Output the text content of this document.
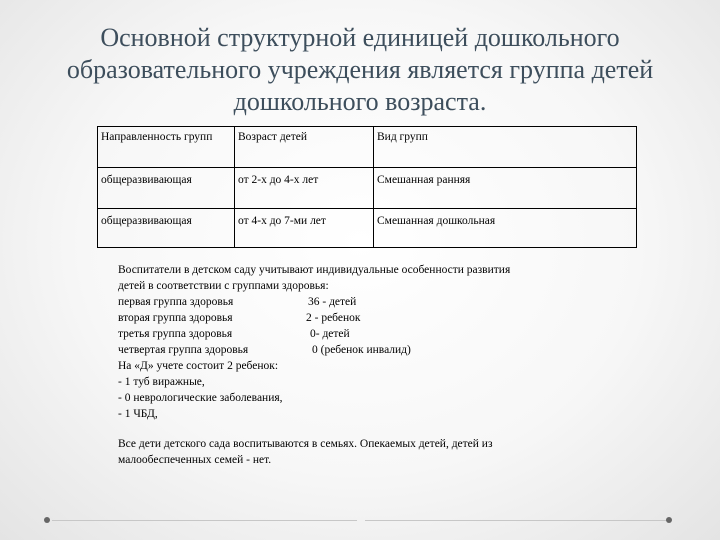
Основной структурной единицей дошкольного
образовательного учреждения является группа детей
дошкольного возраста.
Направленность групп	Возраст детей	Вид групп
общеразвивающая	от 2-х до 4-х лет	Смешанная ранняя
общеразвивающая	от 4-х до 7-ми лет	Смешанная дошкольная
Воспитатели в детском саду учитывают индивидуальные особенности развития
детей в соответствии с группами здоровья:
первая группа здоровья	36 - детей
вторая группа здоровья	2 - ребенок
третья группа здоровья	0- детей
четвертая группа здоровья	0 (ребенок инвалид)
На «Д» учете состоит 2 ребенок:
- 1 туб виражные,
- 0 неврологические заболевания,
- 1 ЧБД,
Все дети детского сада воспитываются в семьях. Опекаемых детей, детей из
малообеспеченных семей - нет.
